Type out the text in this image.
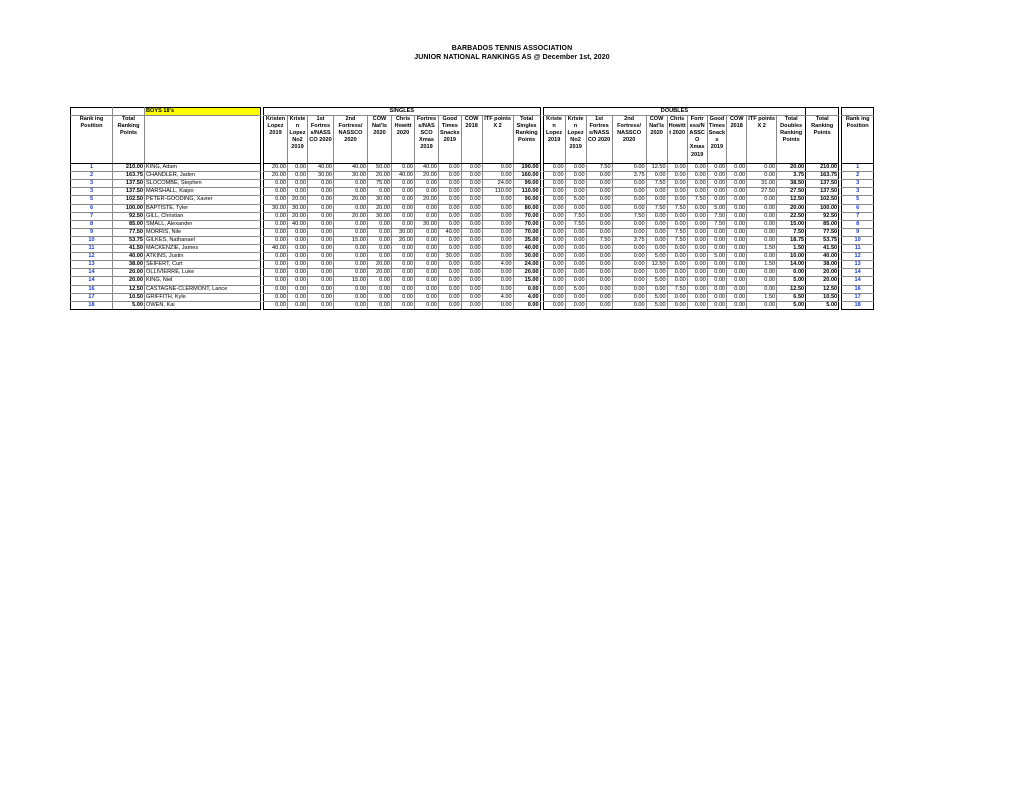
BARBADOS TENNIS ASSOCIATION
JUNIOR NATIONAL RANKINGS AS @ December 1st, 2020
		BOYS 18's		SINGLES												DOUBLES													
Rank ing Position	Total Ranking Points			Kristen Lopez 2019	Kriste n Lopez No2 2019	1st Fortres s/NASS CO 2020	2nd Fortress/ NASSCO 2020	COW Nat'ls 2020	Chris Howitt 2020	Fortres s/NAS SCO Xmas 2019	Good Times Snacks 2019	COW 2018	ITF points X 2	Total Singles Ranking Points		Kriste n Lopez 2019	Kriste n Lopez No2 2019	1st Fortres s/NASS CO 2020	2nd Fortress/ NASSCO 2020	COW Nat'ls 2020	Chris Howitt t 2020	Fortr ess/N ASSC O Xmas 2019	Good Times Snack s 2019	COW 2018	ITF points X 2	Total Doubles Ranking Points	Total Ranking Points		Rank ing Position
1	210.00	KING, Adam		20.00	0.00	40.00	40.00	50.00	0.00	40.00	0.00	0.00	0.00	190.00		0.00	0.00	7.50	0.00	12.50	0.00	0.00	0.00	0.00	0.00	20.00	210.00		1
2	163.75	CHANDLER, Jaden		20.00	0.00	30.00	30.00	20.00	40.00	20.00	0.00	0.00	0.00	160.00		0.00	0.00	0.00	3.75	0.00	0.00	0.00	0.00	0.00	0.00	3.75	163.75		2
3	137.50	SLOCOMBE, Stephen		0.00	0.00	0.00	0.00	75.00	0.00	0.00	0.00	0.00	24.00	99.00		0.00	0.00	0.00	0.00	7.50	0.00	0.00	0.00	0.00	31.00	38.50	137.50		3
3	137.50	MARSHALL, Kaipo		0.00	0.00	0.00	0.00	0.00	0.00	0.00	0.00	0.00	110.00	110.00		0.00	0.00	0.00	0.00	0.00	0.00	0.00	0.00	0.00	27.50	27.50	137.50		3
5	102.50	PETER-GOODING, Xavier		0.00	20.00	0.00	20.00	30.00	0.00	20.00	0.00	0.00	0.00	90.00		0.00	5.00	0.00	0.00	0.00	0.00	7.50	0.00	0.00	0.00	12.50	102.50		5
6	100.00	BAPTISTE, Tyler		30.00	30.00	0.00	0.00	20.00	0.00	0.00	0.00	0.00	0.00	80.00		0.00	0.00	0.00	0.00	7.50	7.50	0.00	5.00	0.00	0.00	20.00	100.00		6
7	92.50	GILL, Christian		0.00	20.00	0.00	20.00	30.00	0.00	0.00	0.00	0.00	0.00	70.00		0.00	7.50	0.00	7.50	0.00	0.00	0.00	7.50	0.00	0.00	22.50	92.50		7
8	85.00	SMALL, Alexander		0.00	40.00	0.00	0.00	0.00	0.00	30.00	0.00	0.00	0.00	70.00		0.00	7.50	0.00	0.00	0.00	0.00	0.00	7.50	0.00	0.00	15.00	85.00		8
9	77.50	MORRIS, Nile		0.00	0.00	0.00	0.00	0.00	30.00	0.00	40.00	0.00	0.00	70.00		0.00	0.00	0.00	0.00	0.00	7.50	0.00	0.00	0.00	0.00	7.50	77.50		9
10	53.75	GILKES, Nathanael		0.00	0.00	0.00	15.00	0.00	20.00	0.00	0.00	0.00	0.00	35.00		0.00	0.00	7.50	3.75	0.00	7.50	0.00	0.00	0.00	0.00	18.75	53.75		10
11	41.50	MACKENZIE, James		40.00	0.00	0.00	0.00	0.00	0.00	0.00	0.00	0.00	0.00	40.00		0.00	0.00	0.00	0.00	0.00	0.00	0.00	0.00	0.00	1.50	1.50	41.50		11
12	40.00	ATKINS, Justin		0.00	0.00	0.00	0.00	0.00	0.00	0.00	30.00	0.00	0.00	30.00		0.00	0.00	0.00	0.00	5.00	0.00	0.00	5.00	0.00	0.00	10.00	40.00		12
13	38.00	SEIFERT, Curt		0.00	0.00	0.00	0.00	20.00	0.00	0.00	0.00	0.00	4.00	24.00		0.00	0.00	0.00	0.00	12.50	0.00	0.00	0.00	0.00	1.50	14.00	38.00		13
14	20.00	OLLIVIERRE, Luke		0.00	0.00	0.00	0.00	20.00	0.00	0.00	0.00	0.00	0.00	20.00		0.00	0.00	0.00	0.00	0.00	0.00	0.00	0.00	0.00	0.00	0.00	20.00		14
14	20.00	KING, Niel		0.00	0.00	0.00	15.00	0.00	0.00	0.00	0.00	0.00	0.00	15.00		0.00	0.00	0.00	0.00	5.00	0.00	0.00	0.00	0.00	0.00	5.00	20.00		14
16	12.50	CASTAGNE-CLERMONT, Lance		0.00	0.00	0.00	0.00	0.00	0.00	0.00	0.00	0.00	0.00	0.00		0.00	5.00	0.00	0.00	0.00	7.50	0.00	0.00	0.00	0.00	12.50	12.50		16
17	10.50	GRIFFITH, Kyle		0.00	0.00	0.00	0.00	0.00	0.00	0.00	0.00	0.00	4.00	4.00		0.00	0.00	0.00	0.00	5.00	0.00	0.00	0.00	0.00	1.50	6.50	10.50		17
18	5.00	OWEN, Kai		0.00	0.00	0.00	0.00	0.00	0.00	0.00	0.00	0.00	0.00	0.00		0.00	0.00	0.00	0.00	5.00	0.00	0.00	0.00	0.00	0.00	5.00	5.00		18
